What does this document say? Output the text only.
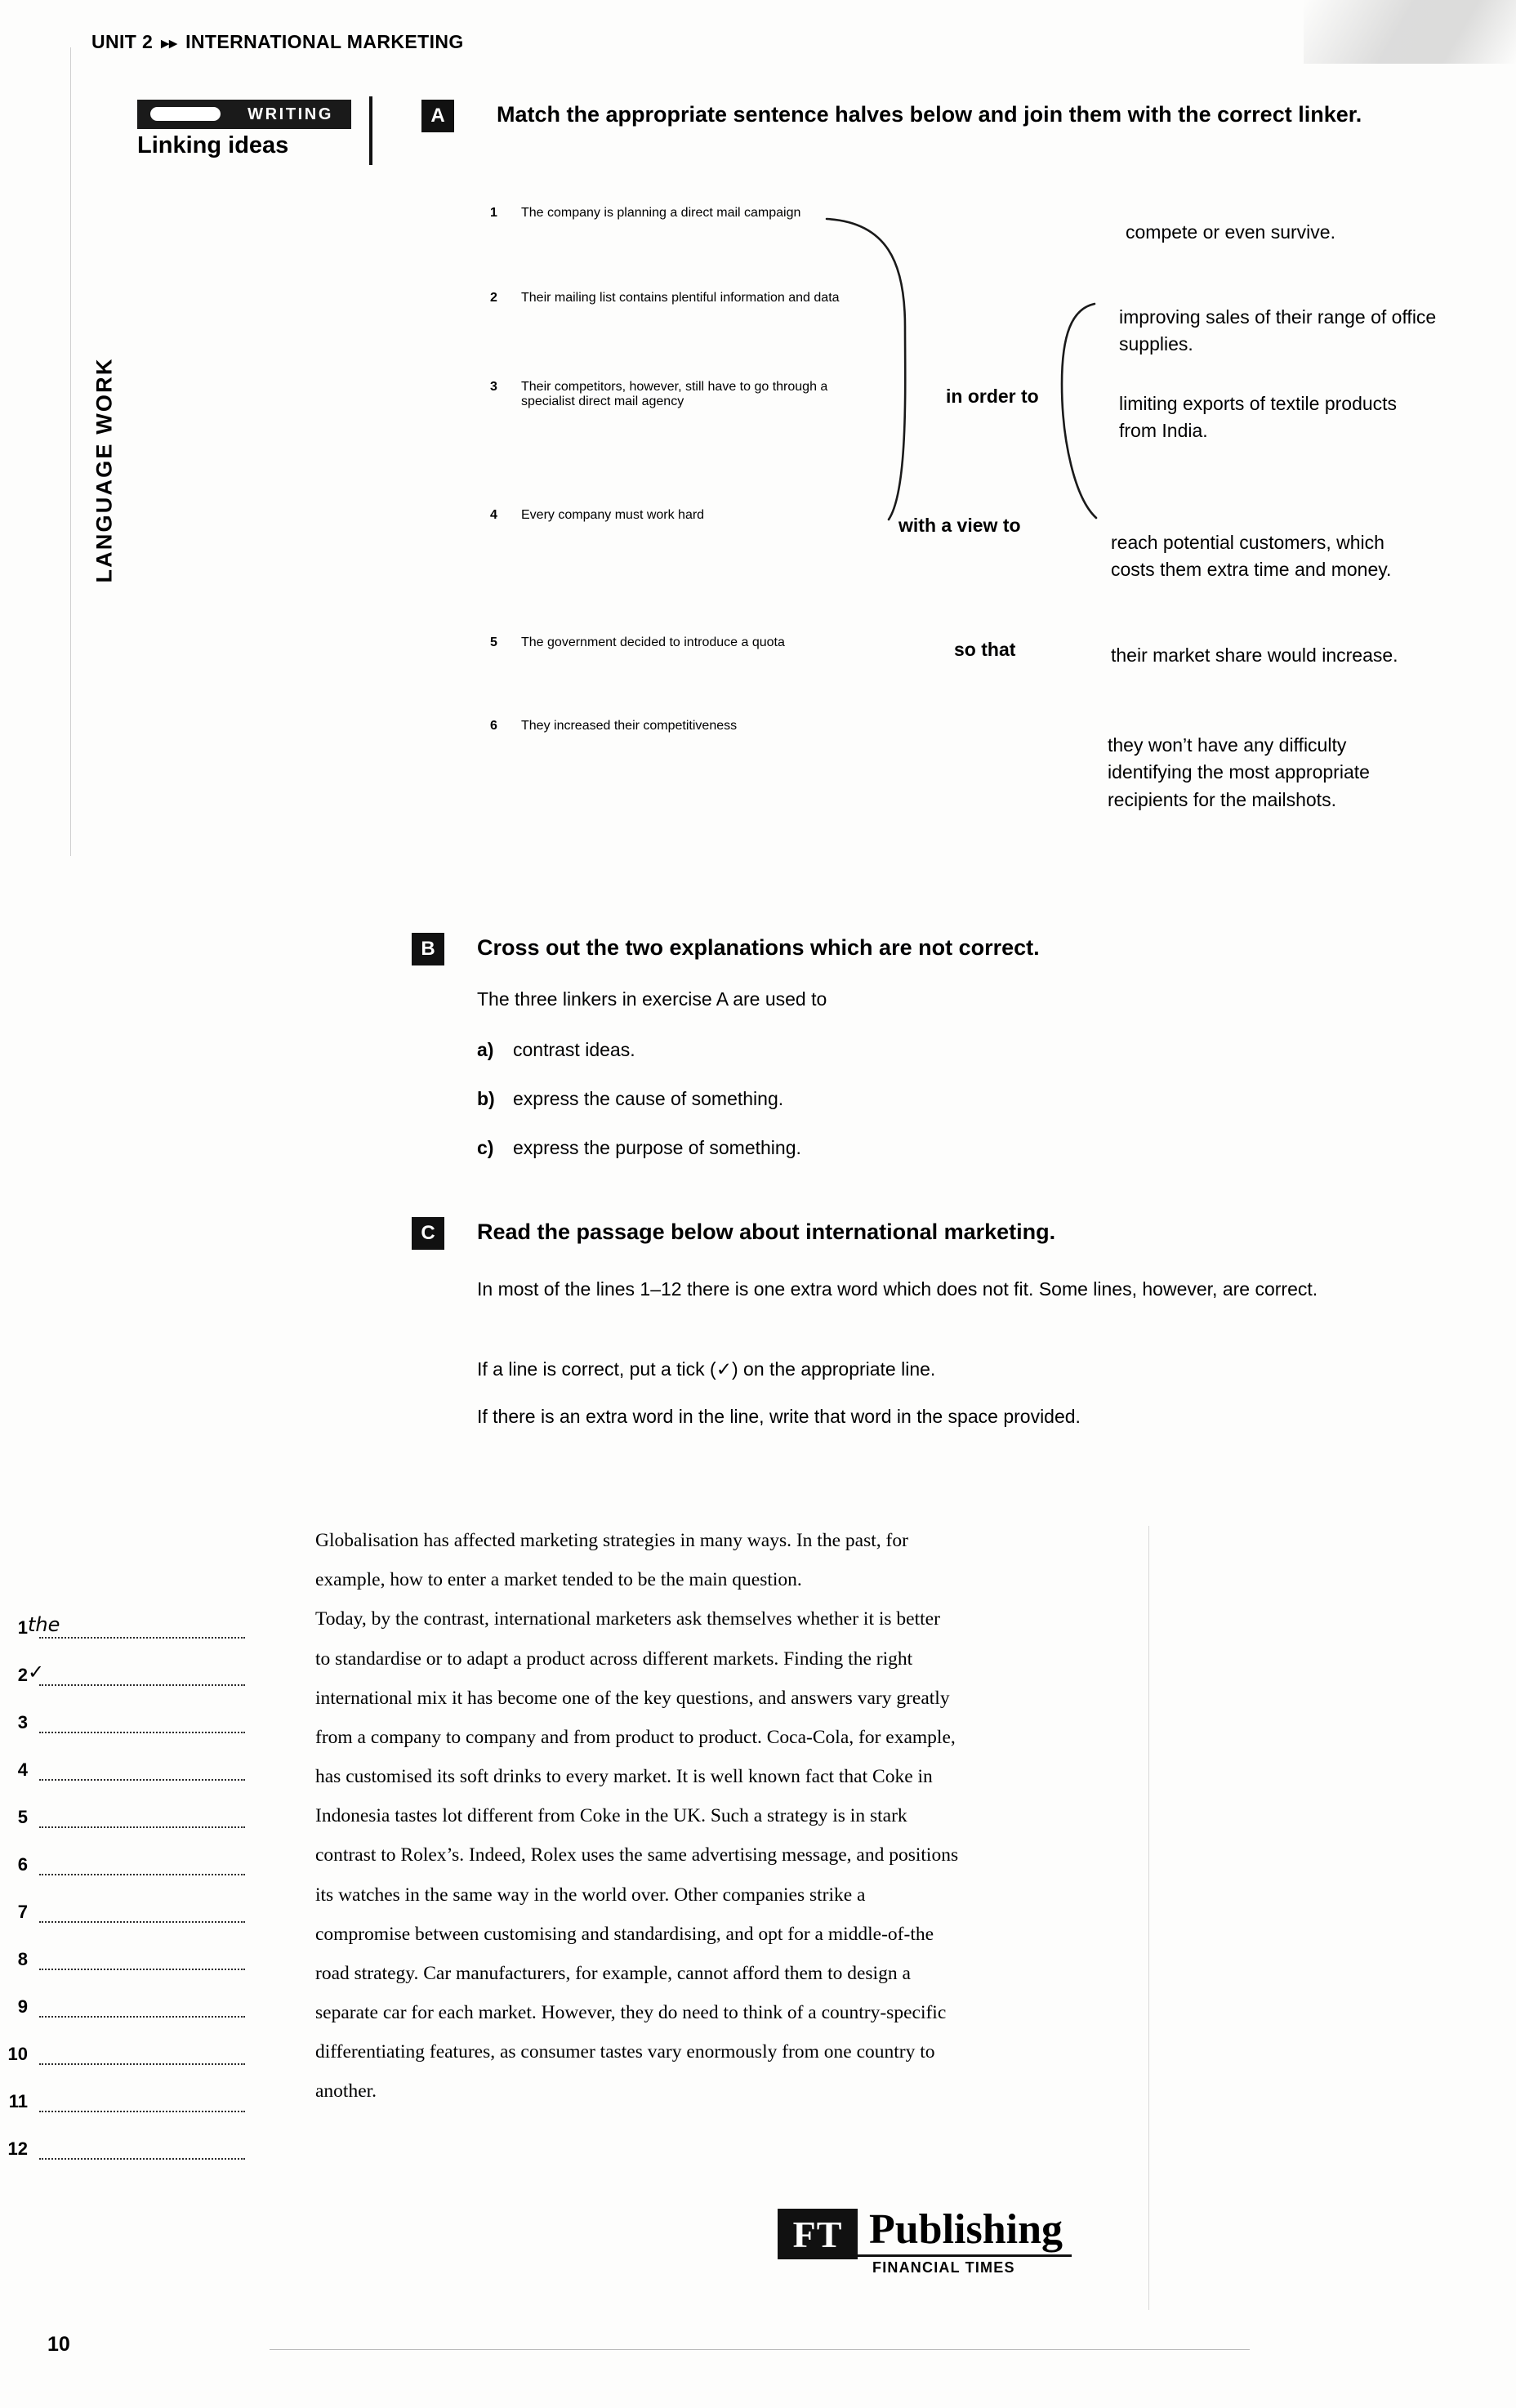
UNIT 2 ▸▸ INTERNATIONAL MARKETING
LANGUAGE WORK
WRITING
Linking ideas
A	Match the appropriate sentence halves below and join them with the correct linker.
1	The company is planning a direct mail campaign
2	Their mailing list contains plentiful information and data
3	Their competitors, however, still have to go through a specialist direct mail agency
4	Every company must work hard
5	The government decided to introduce a quota
6	They increased their competitiveness
in order to
with a view to
so that
compete or even survive.
improving sales of their range of office supplies.
limiting exports of textile products from India.
reach potential customers, which costs them extra time and money.
their market share would increase.
they won’t have any difficulty identifying the most appropriate recipients for the mailshots.
B	Cross out the two explanations which are not correct.
The three linkers in exercise A are used to
a) contrast ideas.
b) express the cause of something.
c) express the purpose of something.
C	Read the passage below about international marketing.
In most of the lines 1–12 there is one extra word which does not fit. Some lines, however, are correct.
If a line is correct, put a tick (✓) on the appropriate line.
If there is an extra word in the line, write that word in the space provided.

Globalisation has affected marketing strategies in many ways. In the past, for

example, how to enter a market tended to be the main question.

Today, by the contrast, international marketers ask themselves whether it is better

to standardise or to adapt a product across different markets. Finding the right

international mix it has become one of the key questions, and answers vary greatly

from a company to company and from product to product. Coca-Cola, for example,

has customised its soft drinks to every market. It is well known fact that Coke in

Indonesia tastes lot different from Coke in the UK. Such a strategy is in stark

contrast to Rolex’s. Indeed, Rolex uses the same advertising message, and positions

its watches in the same way in the world over. Other companies strike a

compromise between customising and standardising, and opt for a middle-of-the

road strategy. Car manufacturers, for example, cannot afford them to design a

separate car for each market. However, they do need to think of a country-specific

differentiating features, as consumer tastes vary enormously from one country to

another.

1 the
2 ✓
3
4
5
6
7
8
9
10
11
12
FT Publishing
FINANCIAL TIMES
10
